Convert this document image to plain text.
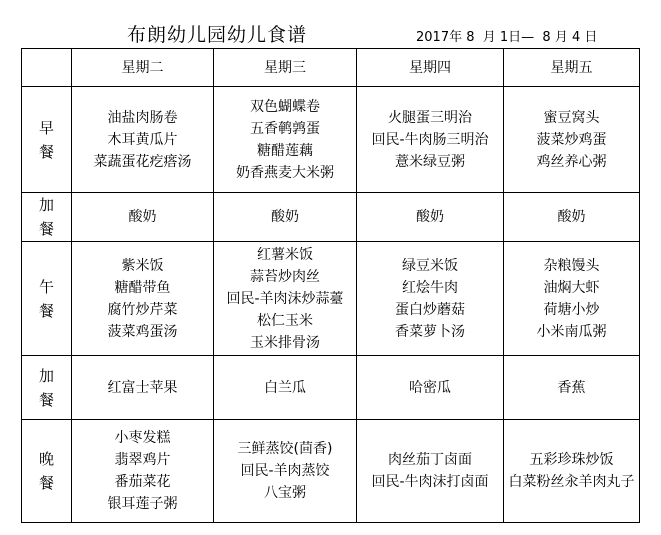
布朗幼儿园幼儿食谱	2017年 8  月 1日—  8 月 4 日
	星期二	星期三	星期四	星期五
早餐	油盐肉肠卷
木耳黄瓜片
菜蔬蛋花疙瘩汤	双色蝴蝶卷
五香鹌鹑蛋
糖醋莲藕
奶香燕麦大米粥	火腿蛋三明治
回民-牛肉肠三明治
薏米绿豆粥	蜜豆窝头
菠菜炒鸡蛋
鸡丝养心粥

加餐	酸奶	酸奶	酸奶	酸奶

午餐	紫米饭
糖醋带鱼
腐竹炒芹菜
菠菜鸡蛋汤	红薯米饭
蒜苔炒肉丝
回民-羊肉沫炒蒜薹
松仁玉米
玉米排骨汤	绿豆米饭
红烩牛肉
蛋白炒蘑菇
香菜萝卜汤	杂粮馒头
油焖大虾
荷塘小炒
小米南瓜粥

加餐	红富士苹果	白兰瓜	哈密瓜	香蕉

晚餐	小枣发糕
翡翠鸡片
番茄菜花
银耳莲子粥	三鲜蒸饺(茴香)
回民-羊肉蒸饺
八宝粥	肉丝茄丁卤面
回民-牛肉沫打卤面	五彩珍珠炒饭
白菜粉丝汆羊肉丸子
